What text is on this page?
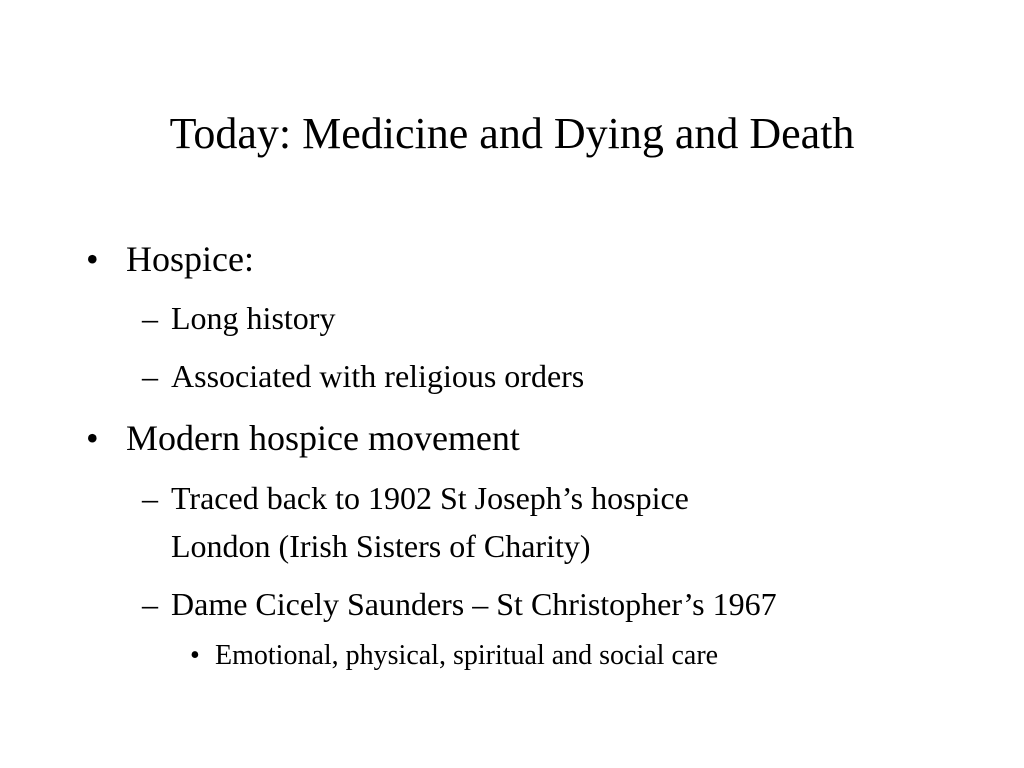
Today: Medicine and Dying and Death
• Hospice:
– Long history
– Associated with religious orders
• Modern hospice movement
– Traced back to 1902 St Joseph’s hospice
London (Irish Sisters of Charity)
– Dame Cicely Saunders – St Christopher’s 1967
• Emotional, physical, spiritual and social care
